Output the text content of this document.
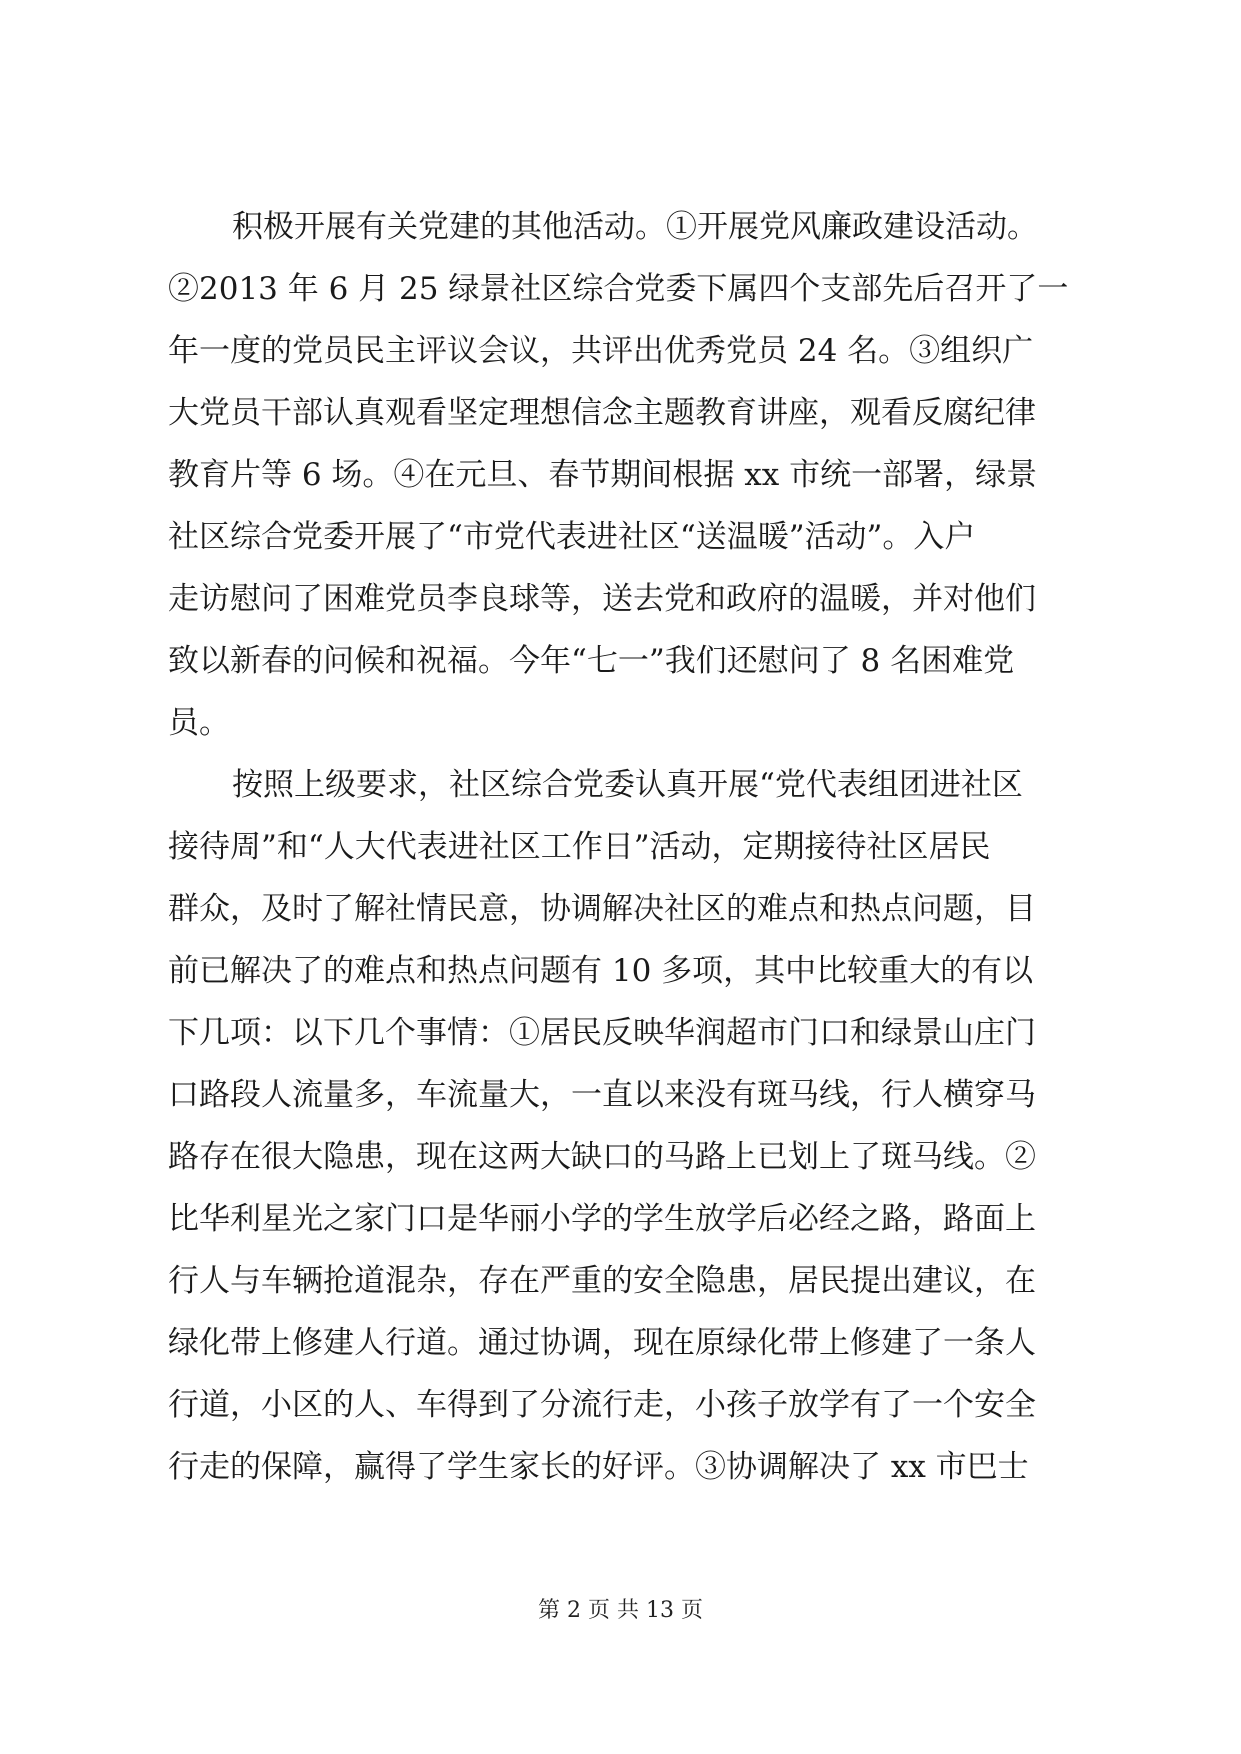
积极开展有关党建的其他活动。①开展党风廉政建设活动。
②2013 年 6 月 25 绿景社区综合党委下属四个支部先后召开了一
年一度的党员民主评议会议，共评出优秀党员 24 名。③组织广
大党员干部认真观看坚定理想信念主题教育讲座，观看反腐纪律
教育片等 6 场。④在元旦、春节期间根据 xx 市统一部署，绿景
社区综合党委开展了“市党代表进社区“送温暖”活动”。入户
走访慰问了困难党员李良球等，送去党和政府的温暖，并对他们
致以新春的问候和祝福。今年“七一”我们还慰问了 8 名困难党
员。
按照上级要求，社区综合党委认真开展“党代表组团进社区
接待周”和“人大代表进社区工作日”活动，定期接待社区居民
群众，及时了解社情民意，协调解决社区的难点和热点问题，目
前已解决了的难点和热点问题有 10 多项，其中比较重大的有以
下几项：以下几个事情：①居民反映华润超市门口和绿景山庄门
口路段人流量多，车流量大，一直以来没有斑马线，行人横穿马
路存在很大隐患，现在这两大缺口的马路上已划上了斑马线。②
比华利星光之家门口是华丽小学的学生放学后必经之路，路面上
行人与车辆抢道混杂，存在严重的安全隐患，居民提出建议，在
绿化带上修建人行道。通过协调，现在原绿化带上修建了一条人
行道，小区的人、车得到了分流行走，小孩子放学有了一个安全
行走的保障，赢得了学生家长的好评。③协调解决了 xx 市巴士
第 2 页 共 13 页
